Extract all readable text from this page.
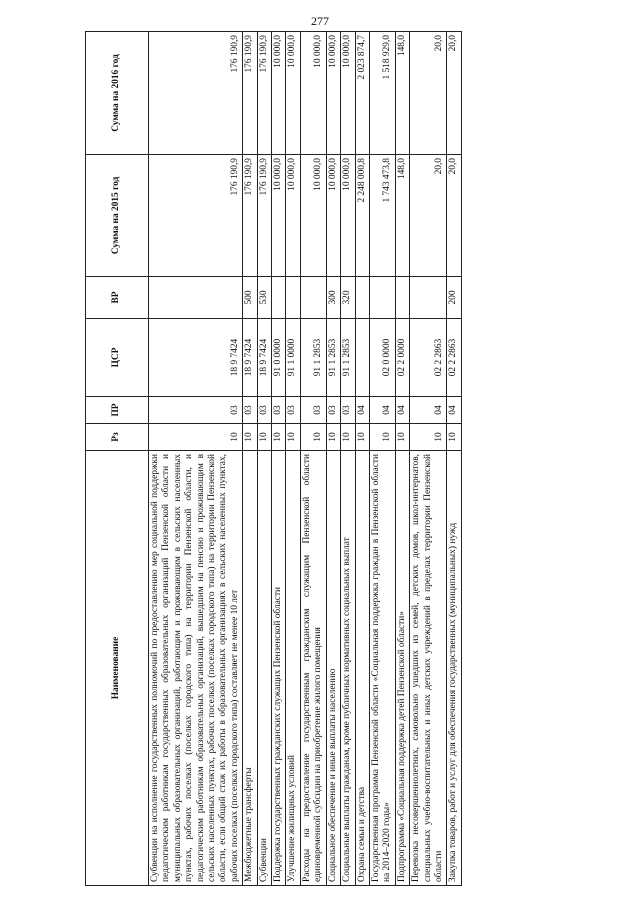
277
Наименование	Рз	ПР	ЦСР	ВР	Сумма на 2015 год	Сумма на 2016 год
Субвенции на исполнение государственных полномочий по предоставлению мер социальной поддержки педагогическим работникам государственных образовательных организаций Пензенской области и муниципальных образовательных организаций, работающим и проживающим в сельских населенных пунктах, рабочих поселках (поселках городского типа) на территории Пензенской области, и педагогическим работникам образовательных организаций, вышедшим на пенсию и проживающим в сельских населенных пунктах, рабочих поселках (поселках городского типа) на территории Пензенской области, если общий стаж их работы в образовательных организациях в сельских населенных пунктах, рабочих поселках (поселках городского типа) составляет не менее 10 лет	10	03	18 9 7424		176 190,9	176 190,9
Межбюджетные трансферты	10	03	18 9 7424	500	176 190,9	176 190,9
Субвенции	10	03	18 9 7424	530	176 190,9	176 190,9
Поддержка государственных гражданских служащих Пензенской области	10	03	91 0 0000		10 000,0	10 000,0
Улучшение жилищных условий	10	03	91 1 0000		10 000,0	10 000,0
Расходы на предоставление государственным гражданским служащим Пензенской области единовременной субсидии на приобретение жилого помещения	10	03	91 1 2853		10 000,0	10 000,0
Социальное обеспечение и иные выплаты населению	10	03	91 1 2853	300	10 000,0	10 000,0
Социальные выплаты гражданам, кроме публичных нормативных социальных выплат	10	03	91 1 2853	320	10 000,0	10 000,0
Охрана семьи и детства	10	04			2 248 000,8	2 023 874,7
Государственная программа Пензенской области «Социальная поддержка граждан в Пензенской области на 2014–2020 годы»	10	04	02 0 0000		1 743 473,8	1 518 929,0
Подпрограмма «Социальная поддержка детей Пензенской области»	10	04	02 2 0000		148,0	148,0
Перевозка несовершеннолетних, самовольно ушедших из семей, детских домов, школ-интернатов, специальных учебно-воспитательных и иных детских учреждений в пределах территории Пензенской области	10	04	02 2 2863		20,0	20,0
Закупка товаров, работ и услуг для обеспечения государственных (муниципальных) нужд	10	04	02 2 2863	200	20,0	20,0
